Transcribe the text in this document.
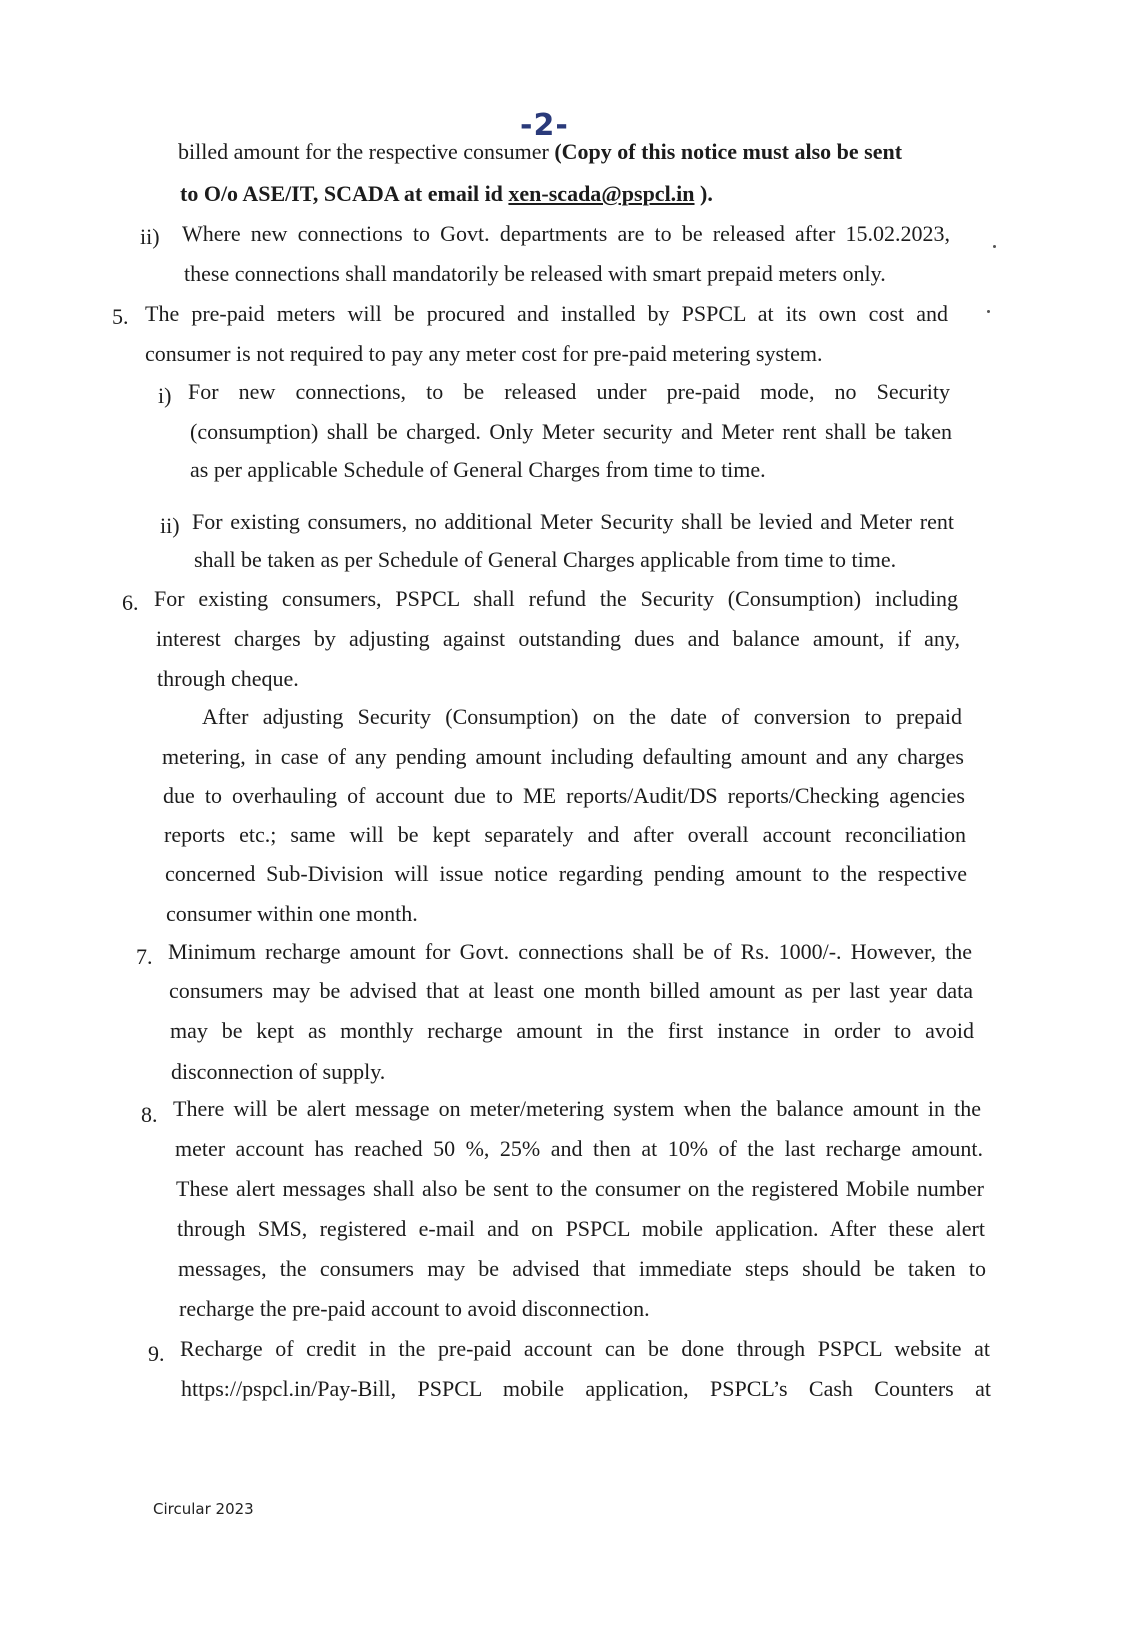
-2-
billed amount for the respective consumer (Copy of this notice must also be sent
to O/o ASE/IT, SCADA at email id xen-scada@pspcl.in ).
ii) Where new connections to Govt. departments are to be released after 15.02.2023,
these connections shall mandatorily be released with smart prepaid meters only.
5. The pre-paid meters will be procured and installed by PSPCL at its own cost and
consumer is not required to pay any meter cost for pre-paid metering system.
i) For new connections, to be released under pre-paid mode, no Security
(consumption) shall be charged. Only Meter security and Meter rent shall be taken
as per applicable Schedule of General Charges from time to time.
ii) For existing consumers, no additional Meter Security shall be levied and Meter rent
shall be taken as per Schedule of General Charges applicable from time to time.
6. For existing consumers, PSPCL shall refund the Security (Consumption) including
interest charges by adjusting against outstanding dues and balance amount, if any,
through cheque.
After adjusting Security (Consumption) on the date of conversion to prepaid
metering, in case of any pending amount including defaulting amount and any charges
due to overhauling of account due to ME reports/Audit/DS reports/Checking agencies
reports etc.; same will be kept separately and after overall account reconciliation
concerned Sub-Division will issue notice regarding pending amount to the respective
consumer within one month.
7. Minimum recharge amount for Govt. connections shall be of Rs. 1000/-. However, the
consumers may be advised that at least one month billed amount as per last year data
may be kept as monthly recharge amount in the first instance in order to avoid
disconnection of supply.
8. There will be alert message on meter/metering system when the balance amount in the
meter account has reached 50 %, 25% and then at 10% of the last recharge amount.
These alert messages shall also be sent to the consumer on the registered Mobile number
through SMS, registered e-mail and on PSPCL mobile application. After these alert
messages, the consumers may be advised that immediate steps should be taken to
recharge the pre-paid account to avoid disconnection.
9. Recharge of credit in the pre-paid account can be done through PSPCL website at
https://pspcl.in/Pay-Bill, PSPCL mobile application, PSPCL’s Cash Counters at
Circular 2023
